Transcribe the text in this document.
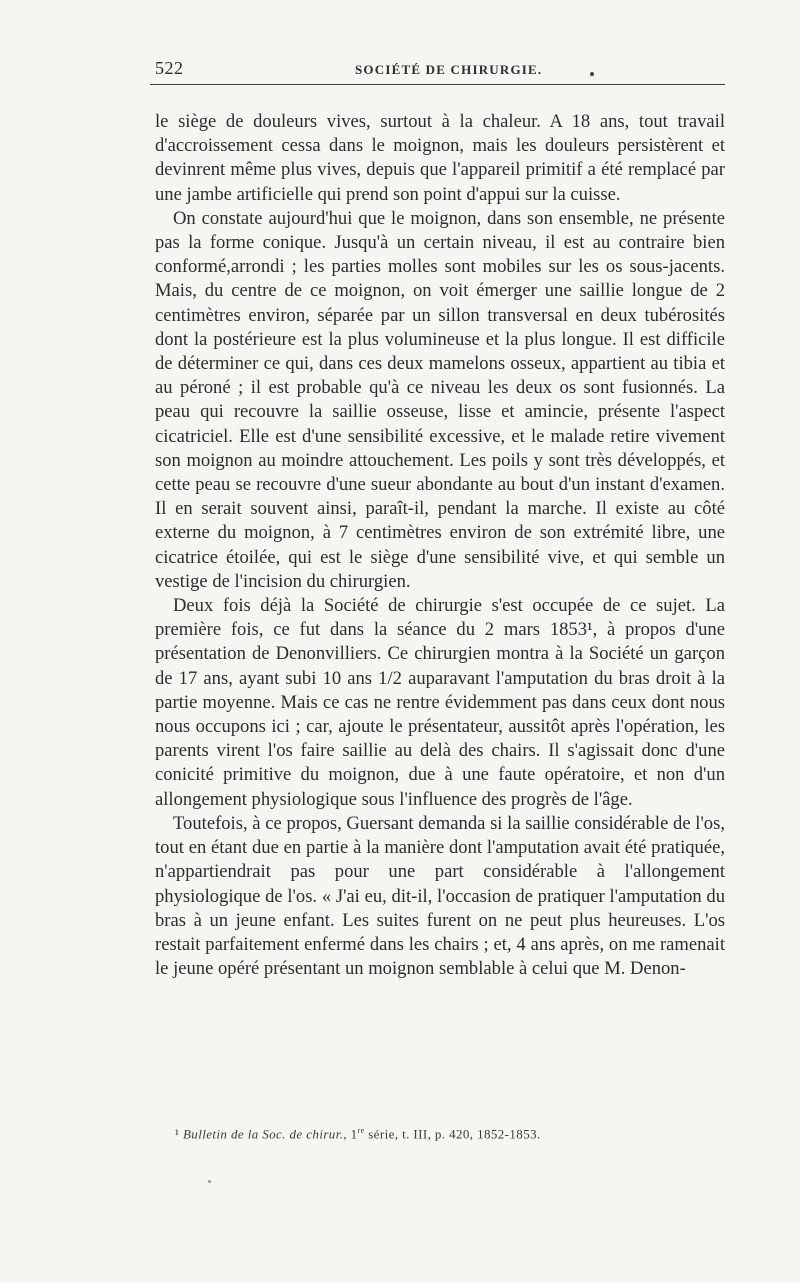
522	SOCIÉTÉ DE CHIRURGIE.

le siège de douleurs vives, surtout à la chaleur. A 18 ans, tout travail d'accroissement cessa dans le moignon, mais les douleurs persistèrent et devinrent même plus vives, depuis que l'appareil primitif a été remplacé par une jambe artificielle qui prend son point d'appui sur la cuisse.

On constate aujourd'hui que le moignon, dans son ensemble, ne présente pas la forme conique. Jusqu'à un certain niveau, il est au contraire bien conformé,arrondi ; les parties molles sont mobiles sur les os sous-jacents. Mais, du centre de ce moignon, on voit émerger une saillie longue de 2 centimètres environ, séparée par un sillon transversal en deux tubérosités dont la postérieure est la plus volumineuse et la plus longue. Il est difficile de déterminer ce qui, dans ces deux mamelons osseux, appartient au tibia et au péroné ; il est probable qu'à ce niveau les deux os sont fusionnés. La peau qui recouvre la saillie osseuse, lisse et amincie, présente l'aspect cicatriciel. Elle est d'une sensibilité excessive, et le malade retire vivement son moignon au moindre attouchement. Les poils y sont très développés, et cette peau se recouvre d'une sueur abondante au bout d'un instant d'examen. Il en serait souvent ainsi, paraît-il, pendant la marche. Il existe au côté externe du moignon, à 7 centimètres environ de son extrémité libre, une cicatrice étoilée, qui est le siège d'une sensibilité vive, et qui semble un vestige de l'incision du chirurgien.

Deux fois déjà la Société de chirurgie s'est occupée de ce sujet. La première fois, ce fut dans la séance du 2 mars 1853¹, à propos d'une présentation de Denonvilliers. Ce chirurgien montra à la Société un garçon de 17 ans, ayant subi 10 ans 1/2 auparavant l'amputation du bras droit à la partie moyenne. Mais ce cas ne rentre évidemment pas dans ceux dont nous nous occupons ici ; car, ajoute le présentateur, aussitôt après l'opération, les parents virent l'os faire saillie au delà des chairs. Il s'agissait donc d'une conicité primitive du moignon, due à une faute opératoire, et non d'un allongement physiologique sous l'influence des progrès de l'âge.

Toutefois, à ce propos, Guersant demanda si la saillie considérable de l'os, tout en étant due en partie à la manière dont l'amputation avait été pratiquée, n'appartiendrait pas pour une part considérable à l'allongement physiologique de l'os. « J'ai eu, dit-il, l'occasion de pratiquer l'amputation du bras à un jeune enfant. Les suites furent on ne peut plus heureuses. L'os restait parfaitement enfermé dans les chairs ; et, 4 ans après, on me ramenait le jeune opéré présentant un moignon semblable à celui que M. Denon-

¹ Bulletin de la Soc. de chirur., 1re série, t. III, p. 420, 1852-1853.
